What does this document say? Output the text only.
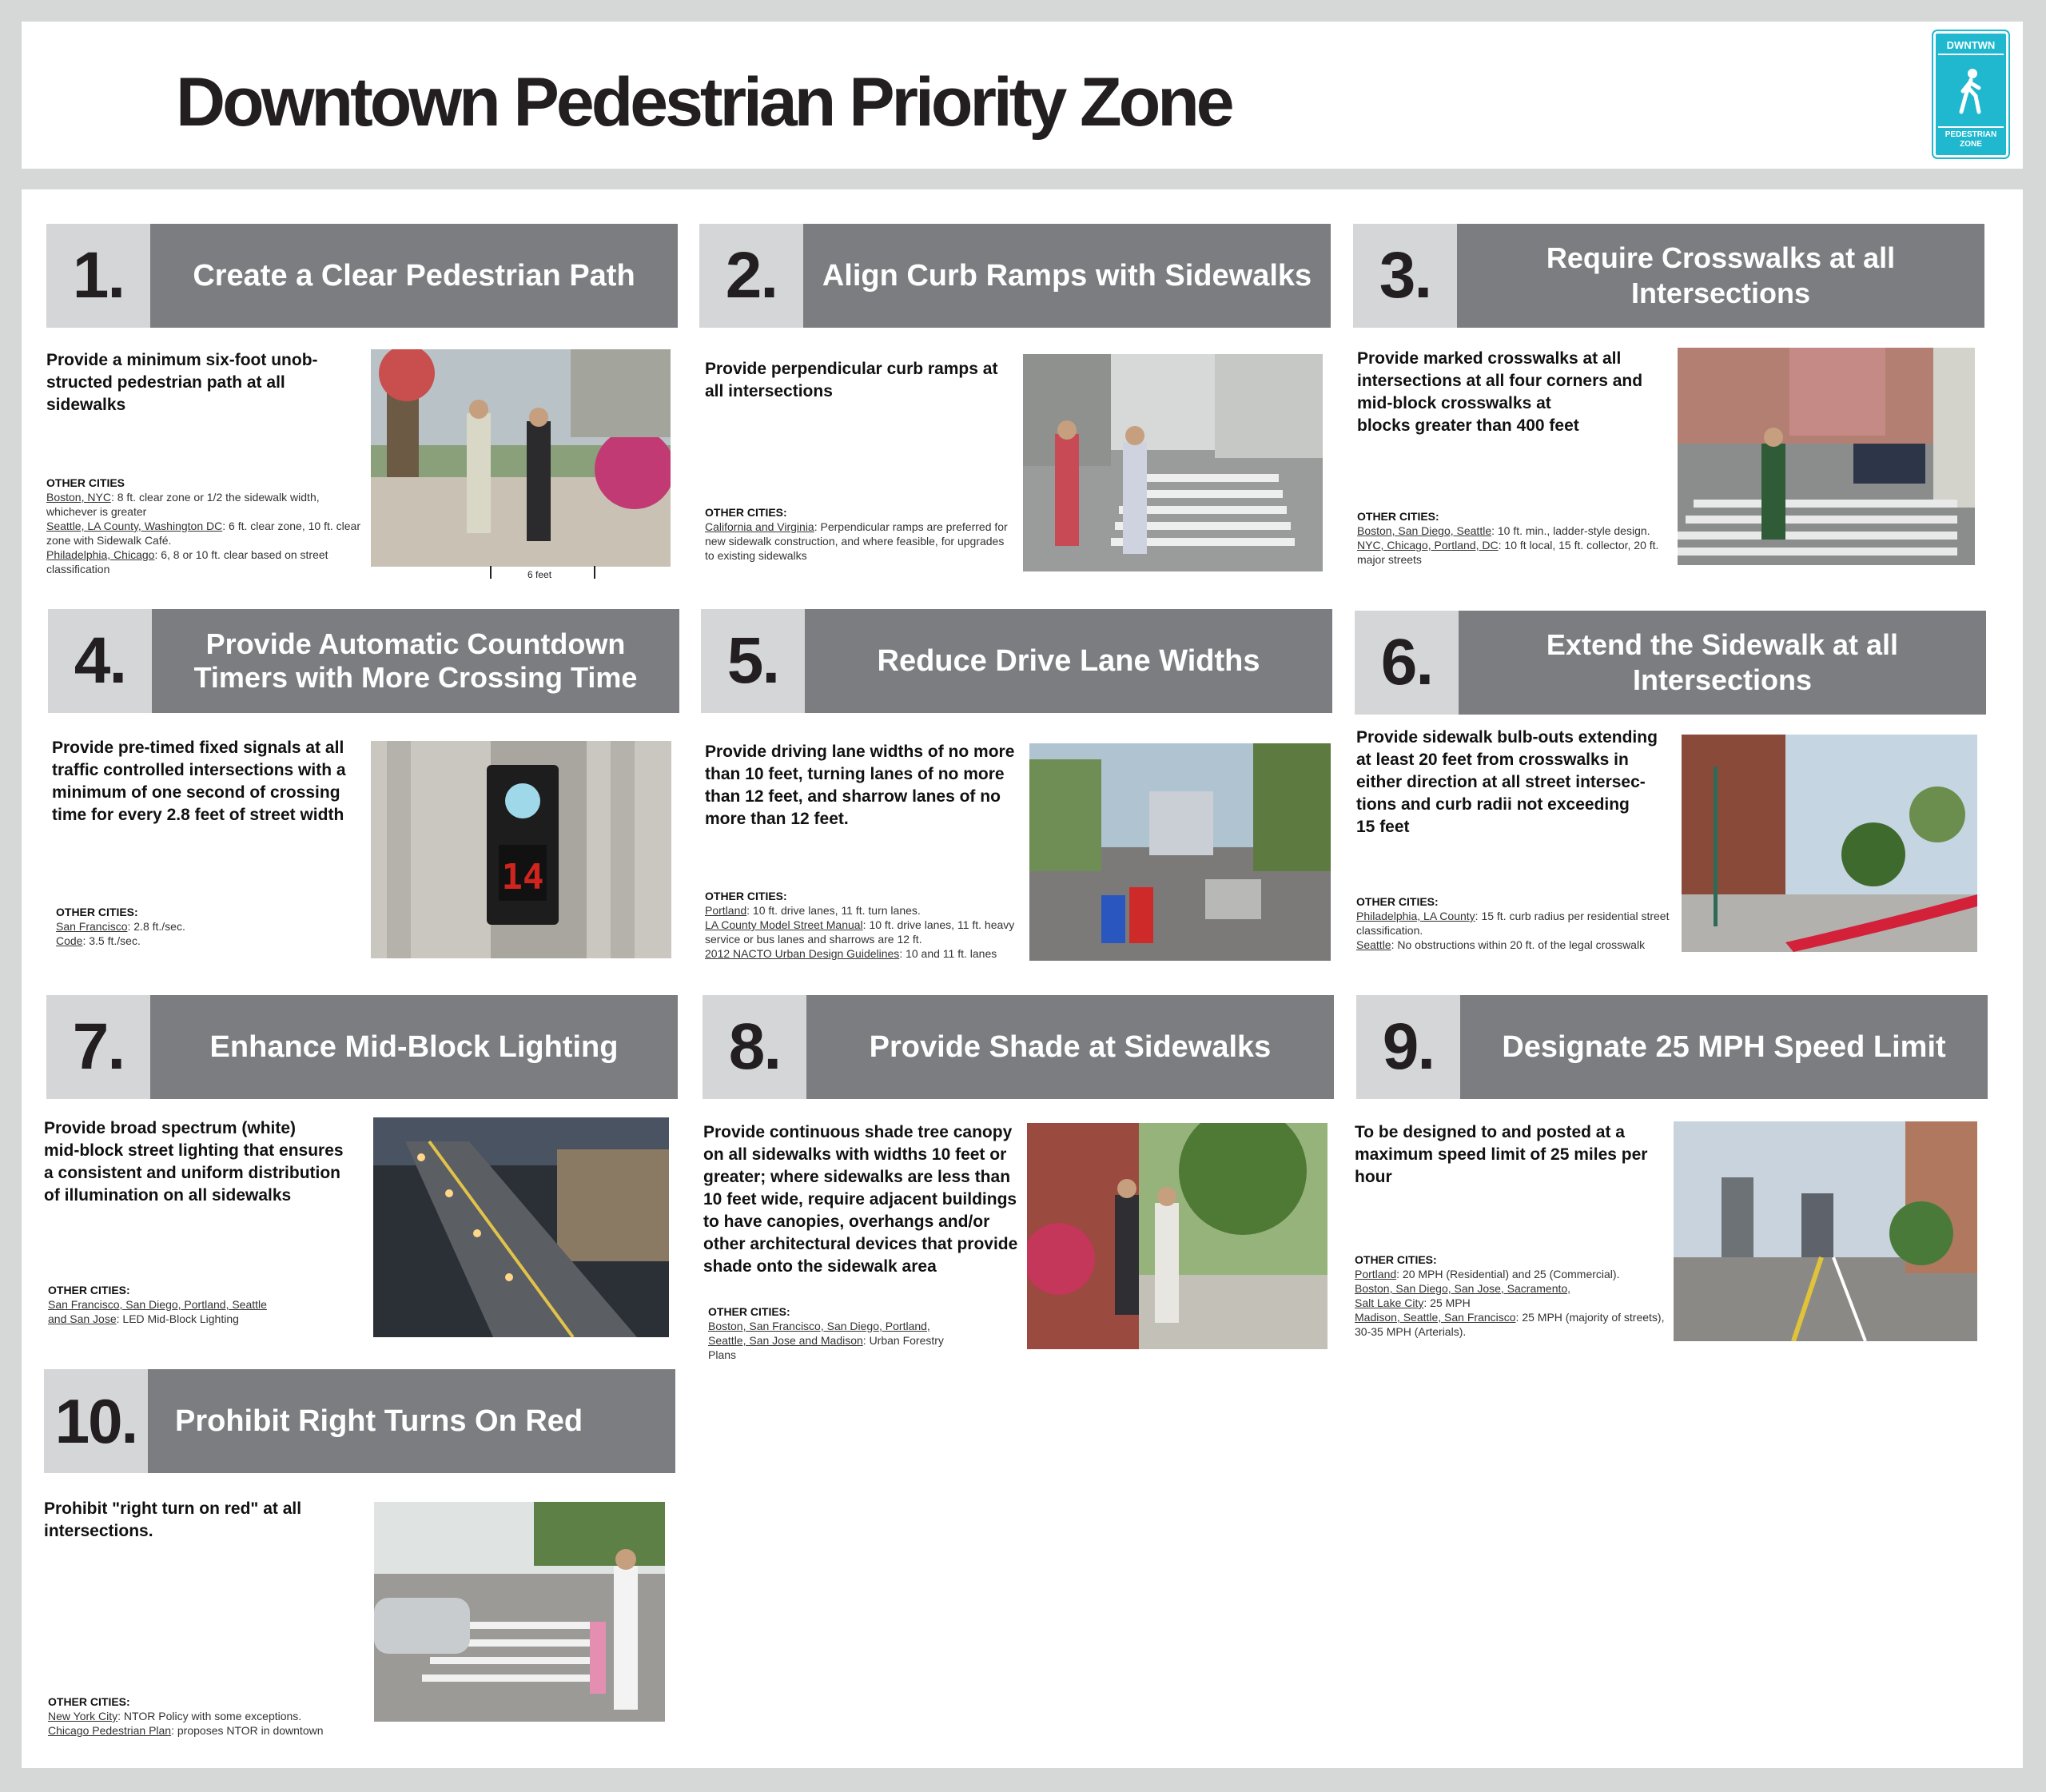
Downtown Pedestrian Priority Zone
DWNTWN
PEDESTRIAN ZONE
1.	Create a Clear Pedestrian Path
Provide a minimum six-foot unob-
structed pedestrian path at all
sidewalks
OTHER CITIES
Boston, NYC: 8 ft. clear zone or 1/2 the sidewalk width, whichever is greater
Seattle, LA County, Washington DC: 6 ft. clear zone, 10 ft. clear zone with Sidewalk Café.
Philadelphia, Chicago: 6, 8 or 10 ft. clear based on street classification	6 feet
2.	Align Curb Ramps with Sidewalks
Provide perpendicular curb ramps at
all intersections
OTHER CITIES:
California and Virginia: Perpendicular ramps are preferred for new sidewalk construction, and where feasible, for upgrades to existing sidewalks
3.	Require Crosswalks at all Intersections
Provide marked crosswalks at all
intersections at all four corners and
mid-block crosswalks at
blocks greater than 400 feet
OTHER CITIES:
Boston, San Diego, Seattle: 10 ft. min., ladder-style design.
NYC, Chicago, Portland, DC: 10 ft local, 15 ft. collector, 20 ft. major streets
4.	Provide Automatic Countdown Timers with More Crossing Time
Provide pre-timed fixed signals at all
traffic controlled intersections with a
minimum of one second of crossing
time for every 2.8 feet of street width
OTHER CITIES:
San Francisco: 2.8 ft./sec.
Code: 3.5 ft./sec.
14
5.	Reduce Drive Lane Widths
Provide driving lane widths of no more
than 10 feet, turning lanes of no more
than 12 feet, and sharrow lanes of no
more than 12 feet.
OTHER CITIES:
Portland: 10 ft. drive lanes, 11 ft. turn lanes.
LA County Model Street Manual: 10 ft. drive lanes, 11 ft. heavy service or bus lanes and sharrows are 12 ft.
2012 NACTO Urban Design Guidelines: 10 and 11 ft. lanes
6.	Extend the Sidewalk at all Intersections
Provide sidewalk bulb-outs extending
at least 20 feet from crosswalks in
either direction at all street intersec-
tions and curb radii not exceeding
15 feet
OTHER CITIES:
Philadelphia, LA County: 15 ft. curb radius per residential street classification.
Seattle: No obstructions within 20 ft. of the legal crosswalk
7.	Enhance Mid-Block Lighting
Provide broad spectrum (white)
mid-block street lighting that ensures
a consistent and uniform distribution
of illumination on all sidewalks
OTHER CITIES:
San Francisco, San Diego, Portland, Seattle and San Jose: LED Mid-Block Lighting
8.	Provide Shade at Sidewalks
Provide continuous shade tree canopy
on all sidewalks with widths 10 feet or
greater; where sidewalks are less than
10 feet wide, require adjacent buildings
to have canopies, overhangs and/or
other architectural devices that provide
shade onto the sidewalk area
OTHER CITIES:
Boston, San Francisco, San Diego, Portland, Seattle, San Jose and Madison: Urban Forestry Plans
9.	Designate 25 MPH Speed Limit
To be designed to and posted at a
maximum speed limit of 25 miles per
hour
OTHER CITIES:
Portland: 20 MPH (Residential) and 25 (Commercial).
Boston, San Diego, San Jose, Sacramento,
Salt Lake City: 25 MPH
Madison, Seattle, San Francisco: 25 MPH (majority of streets), 30-35 MPH (Arterials).
10.	Prohibit Right Turns On Red
Prohibit "right turn on red" at all
intersections.
OTHER CITIES:
New York City: NTOR Policy with some exceptions.
Chicago Pedestrian Plan: proposes NTOR in downtown
